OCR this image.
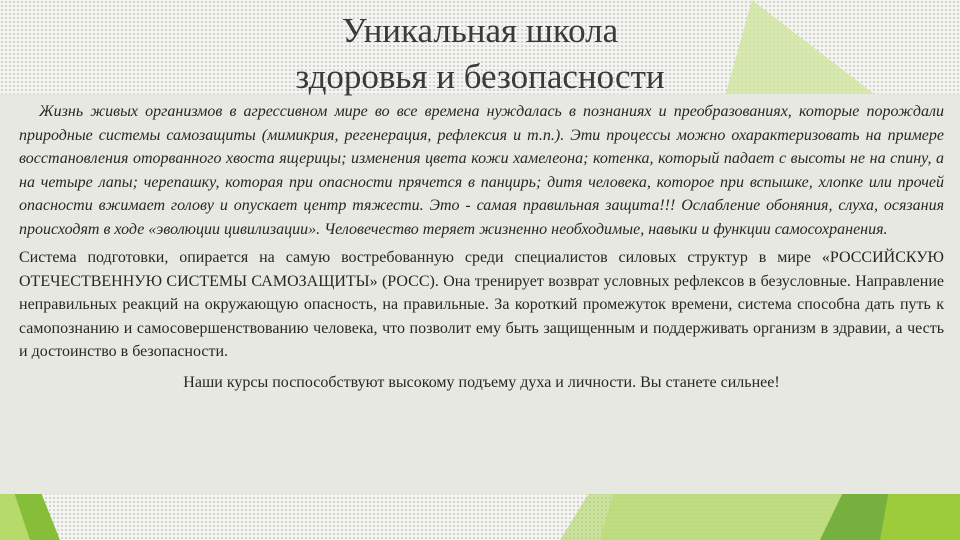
Уникальная школа
здоровья и безопасности

Жизнь живых организмов в агрессивном мире во все времена нуждалась в познаниях и преобразованиях, которые порождали природные системы самозащиты (мимикрия, регенерация, рефлексия и т.п.). Эти процессы можно охарактеризовать на примере восстановления оторванного хвоста ящерицы; изменения цвета кожи хамелеона; котенка, который падает с высоты не на спину, а на четыре лапы; черепашку, которая при опасности прячется в панцирь; дитя человека, которое при вспышке, хлопке или прочей опасности вжимает голову и опускает центр тяжести. Это - самая правильная защита!!! Ослабление обоняния, слуха, осязания происходят в ходе «эволюции цивилизации». Человечество теряет жизненно необходимые, навыки и функции самосохранения.

Система подготовки, опирается на самую востребованную среди специалистов силовых структур в мире «РОССИЙСКУЮ ОТЕЧЕСТВЕННУЮ СИСТЕМЫ САМОЗАЩИТЫ» (РОСС). Она тренирует возврат условных рефлексов в безусловные. Направление неправильных реакций на окружающую опасность, на правильные. За короткий промежуток времени, система способна дать путь к самопознанию и самосовершенствованию человека, что позволит ему быть защищенным и поддерживать организм в здравии, а честь и достоинство в безопасности.

Наши курсы поспособствуют высокому подъему духа и личности. Вы станете сильнее!
